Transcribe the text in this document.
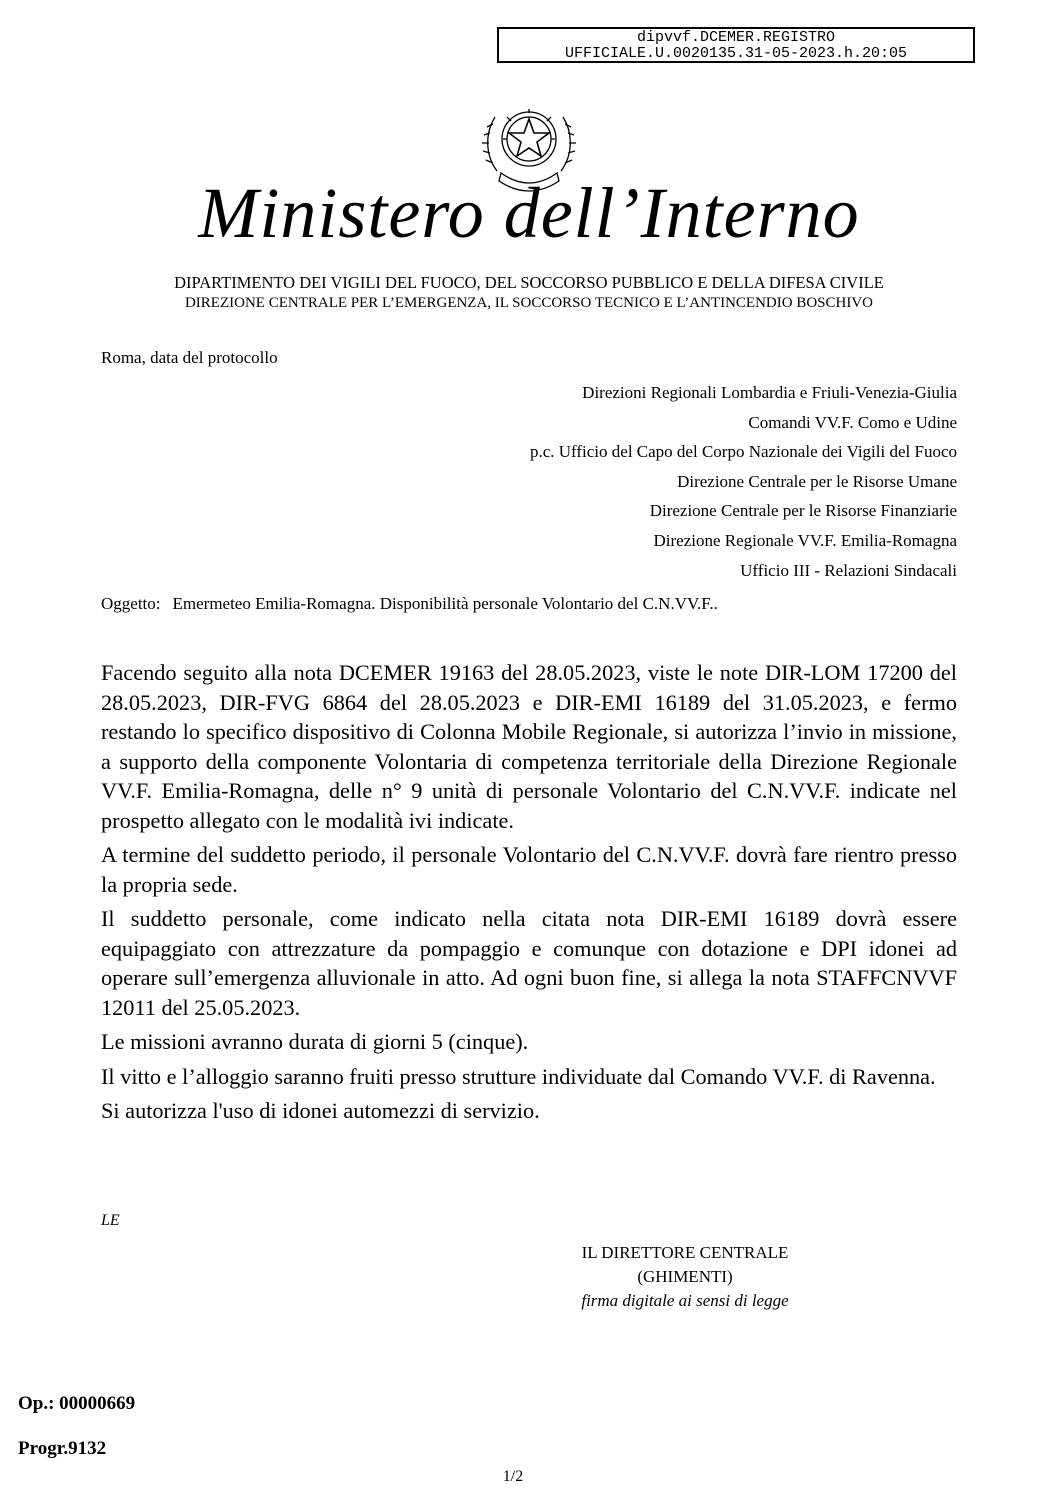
dipvvf.DCEMER.REGISTRO
UFFICIALE.U.0020135.31-05-2023.h.20:05
Ministero dell’Interno
DIPARTIMENTO DEI VIGILI DEL FUOCO, DEL SOCCORSO PUBBLICO E DELLA DIFESA CIVILE
DIREZIONE CENTRALE PER L’EMERGENZA, IL SOCCORSO TECNICO E L’ANTINCENDIO BOSCHIVO
Roma, data del protocollo
Direzioni Regionali Lombardia e Friuli-Venezia-Giulia
Comandi VV.F. Como e Udine
p.c. Ufficio del Capo del Corpo Nazionale dei Vigili del Fuoco
Direzione Centrale per le Risorse Umane
Direzione Centrale per le Risorse Finanziarie
Direzione Regionale VV.F. Emilia-Romagna
Ufficio III - Relazioni Sindacali
Oggetto: Emermeteo Emilia-Romagna. Disponibilità personale Volontario del C.N.VV.F..

Facendo seguito alla nota DCEMER 19163 del 28.05.2023, viste le note DIR-LOM 17200 del 28.05.2023, DIR-FVG 6864 del 28.05.2023 e DIR-EMI 16189 del 31.05.2023, e fermo restando lo specifico dispositivo di Colonna Mobile Regionale, si autorizza l’invio in missione, a supporto della componente Volontaria di competenza territoriale della Direzione Regionale VV.F. Emilia-Romagna, delle n° 9 unità di personale Volontario del C.N.VV.F. indicate nel prospetto allegato con le modalità ivi indicate.

A termine del suddetto periodo, il personale Volontario del C.N.VV.F. dovrà fare rientro presso la propria sede.

Il suddetto personale, come indicato nella citata nota DIR-EMI 16189 dovrà essere equipaggiato con attrezzature da pompaggio e comunque con dotazione e DPI idonei ad operare sull’emergenza alluvionale in atto. Ad ogni buon fine, si allega la nota STAFFCNVVF 12011 del 25.05.2023.

Le missioni avranno durata di giorni 5 (cinque).

Il vitto e l’alloggio saranno fruiti presso strutture individuate dal Comando VV.F. di Ravenna.

Si autorizza l'uso di idonei automezzi di servizio.

LE
IL DIRETTORE CENTRALE
(GHIMENTI)
firma digitale ai sensi di legge
Op.: 00000669
Progr.9132
1/2
